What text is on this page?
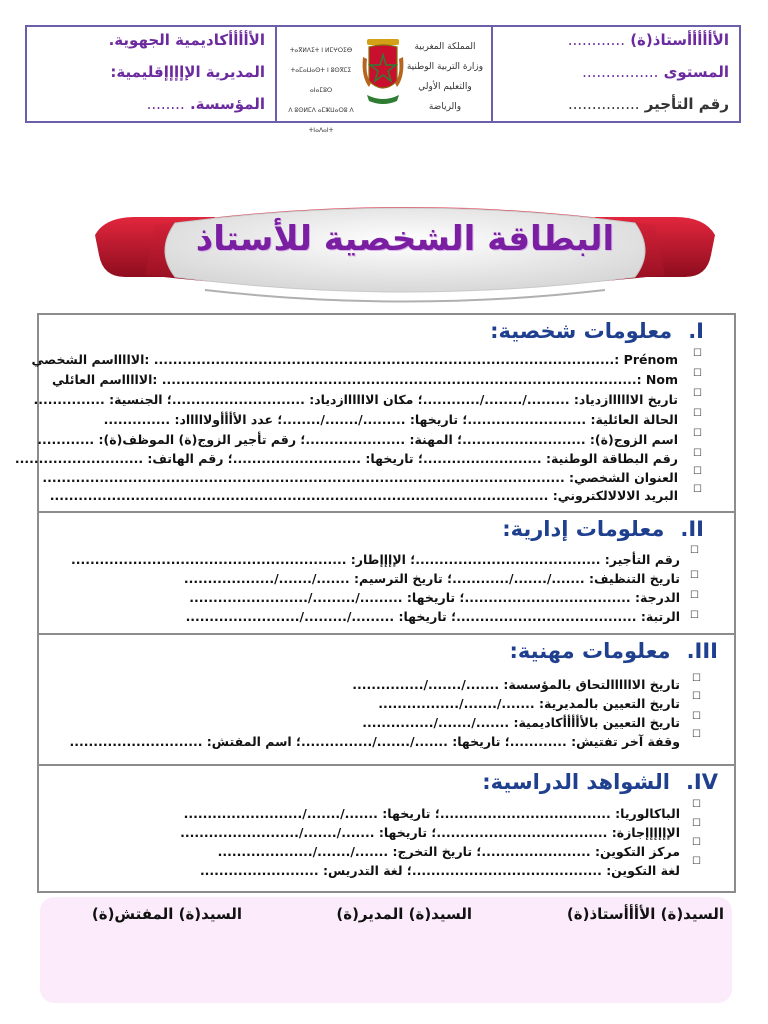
الأأأأأأستاذ(ة) ............
المستوى ................
رقم التأجير ...............
ⵜⴰⴳⵍⴷⵉⵜ ⵏ ⵍⵎⵖⵔⵉⴱ
ⵜⴰⵎⴰⵡⴰⵙⵜ ⵏ ⵓⵙⴳⵎⵉ ⴰⵏⴰⵎⵓⵔ
ⴷ ⵓⵙⵍⵎⴷ ⴰⵎⵣⵡⴰⵔⵓ ⴷ ⵜⵏⴰⴷⴰⵏⵜ
المملكة المغربية
وزارة التربية الوطنية
والتعليم الأولي والرياضة
الأأأأأكاديمية الجهوية.
المديرية الإإإإإقليمية:
المؤسسة. ........
البطاقة الشخصية للأستاذ
I.معلومات شخصية:
☐
Prénom :................................................................................................. :الاااااسم الشخصي
☐
Nom :.................................................................................................... :الاااااسم العائلي
☐
تاريخ الاااااازدياد: ........./......../............؛ مكان الاااااازدياد: ............................؛ الجنسية: ...............
☐
الحالة العائلية: .........................؛ تاريخها: ........./......./........؛ عدد الأأأأولاااااد: ..............
☐
اسم الزوج(ة): ..........................؛ المهنة: .....................؛ رقم تأجير الزوج(ة) الموظف(ة): ............
☐
رقم البطاقة الوطنية: .........................؛ تاريخها: ...........................؛ رقم الهاتف: ...........................
☐
العنوان الشخصي: ..............................................................................................................
☐
البريد الالالالكتروني: .........................................................................................................
II.معلومات إدارية:
☐
رقم التأجير: .......................................؛ الإإإإطار: ..........................................................
☐
تاريخ التنظيف: ......./......./............؛ تاريخ الترسيم: ......./......./...................
☐
الدرجة: ...................................؛ تاريخها: ........./........./.........................
☐
الرتبة: ......................................؛ تاريخها: ........./........./........................
III.معلومات مهنية:
☐
تاريخ الاااااالتحاق بالمؤسسة: ......./......./...............
☐
تاريخ التعيين بالمديرية: ......./......./.................
☐
تاريخ التعيين بالأأأأأكاديمية: ......./......./...............
☐
وقفة آخر تفتيش: ............؛ تاريخها: ......./......./...............؛ اسم المفتش: ............................
IV.الشواهد الدراسية:
☐
الباكالوريا: ....................................؛ تاريخها: ......./......./.........................
☐
الإإإإإإجازة: ....................................؛ تاريخها: ......./......./.........................
☐
مركز التكوين: .......................؛ تاريخ التخرج: ......./......./....................
☐
لغة التكوين: ........................................؛ لغة التدريس: .........................
السيد(ة) الأأأأستاذ(ة)
السيد(ة) المدير(ة)
السيد(ة) المفتش(ة)
